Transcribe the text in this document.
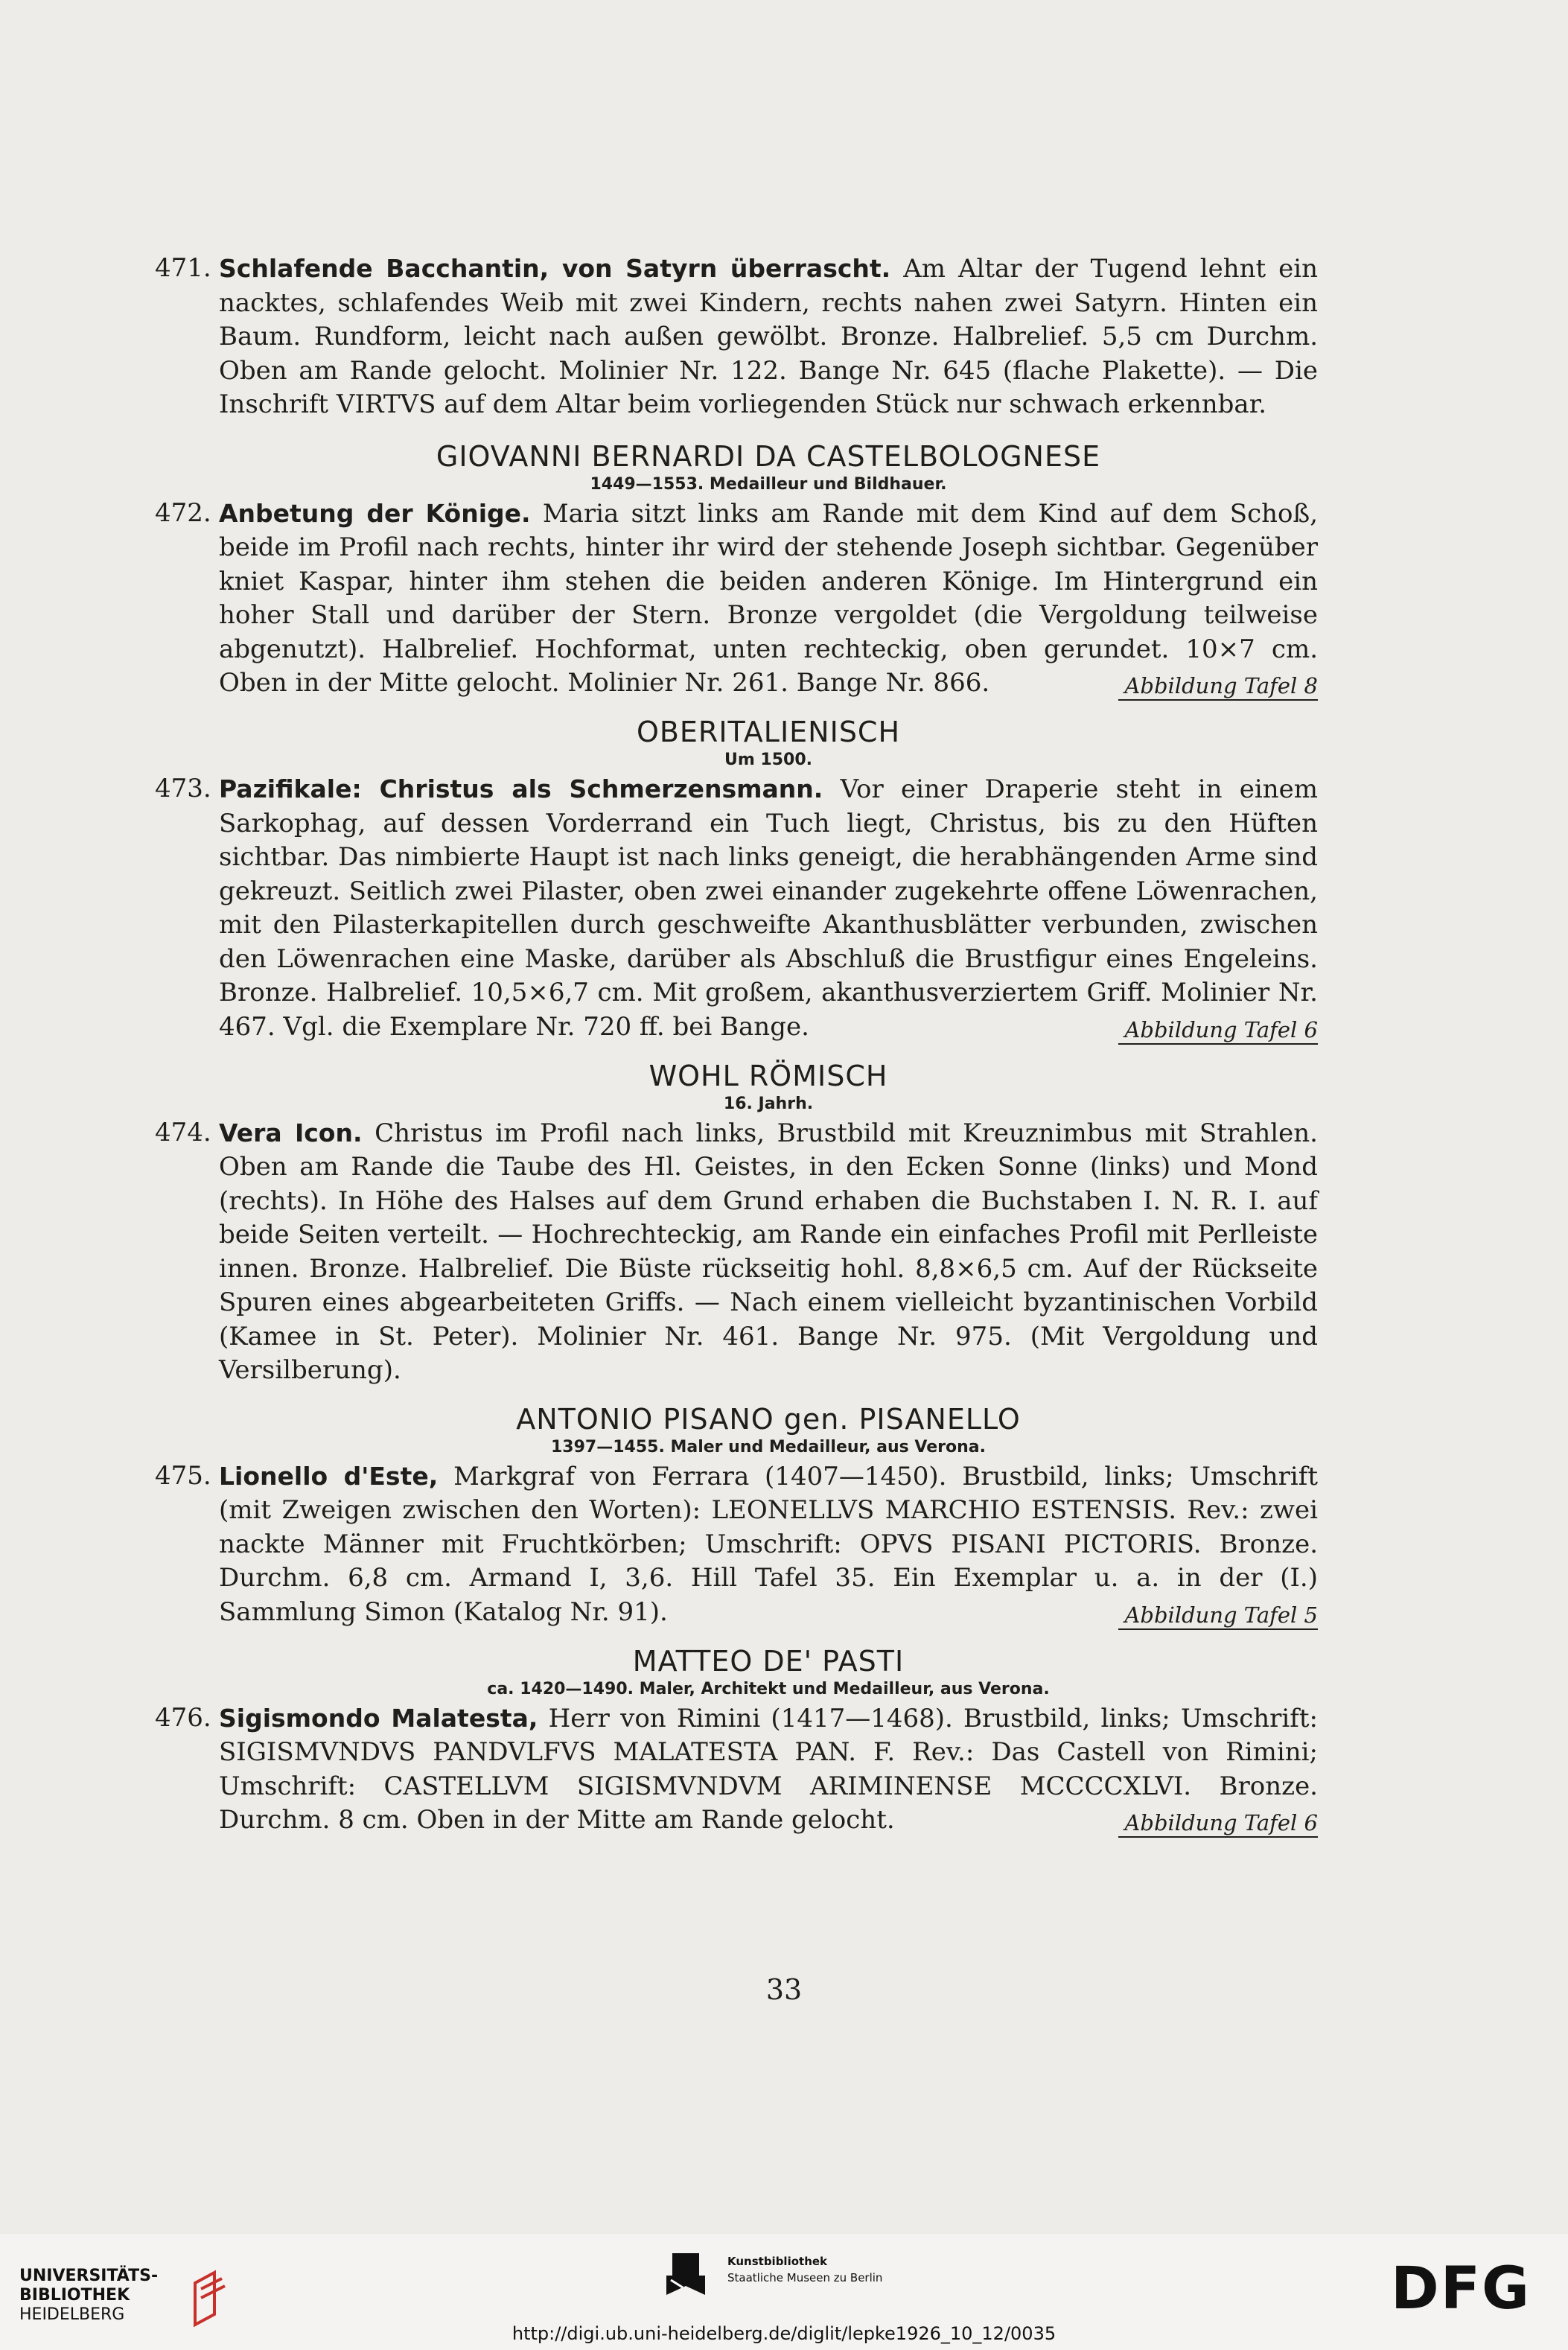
471. Schlafende Bacchantin, von Satyrn überrascht. Am Altar der Tugend lehnt ein nacktes, schlafendes Weib mit zwei Kindern, rechts nahen zwei Satyrn. Hinten ein Baum. Rundform, leicht nach außen gewölbt. Bronze. Halbrelief. 5,5 cm Durchm. Oben am Rande gelocht. Molinier Nr. 122. Bange Nr. 645 (flache Plakette). — Die Inschrift VIRTVS auf dem Altar beim vorliegenden Stück nur schwach erkennbar.
GIOVANNI BERNARDI DA CASTELBOLOGNESE
1449—1553. Medailleur und Bildhauer.
472. Anbetung der Könige. Maria sitzt links am Rande mit dem Kind auf dem Schoß, beide im Profil nach rechts, hinter ihr wird der stehende Joseph sichtbar. Gegenüber kniet Kaspar, hinter ihm stehen die beiden anderen Könige. Im Hintergrund ein hoher Stall und darüber der Stern. Bronze vergoldet (die Vergoldung teilweise abgenutzt). Halbrelief. Hochformat, unten rechteckig, oben gerundet. 10×7 cm. Oben in der Mitte gelocht. Molinier Nr. 261. Bange Nr. 866.	Abbildung Tafel 8
OBERITALIENISCH
Um 1500.
473. Pazifikale: Christus als Schmerzensmann. Vor einer Draperie steht in einem Sarkophag, auf dessen Vorderrand ein Tuch liegt, Christus, bis zu den Hüften sichtbar. Das nimbierte Haupt ist nach links geneigt, die herabhängenden Arme sind gekreuzt. Seitlich zwei Pilaster, oben zwei einander zugekehrte offene Löwenrachen, mit den Pilasterkapitellen durch geschweifte Akanthusblätter verbunden, zwischen den Löwenrachen eine Maske, darüber als Abschluß die Brustfigur eines Engeleins. Bronze. Halbrelief. 10,5×6,7 cm. Mit großem, akanthusverziertem Griff. Molinier Nr. 467. Vgl. die Exemplare Nr. 720 ff. bei Bange.	Abbildung Tafel 6
WOHL RÖMISCH
16. Jahrh.
474. Vera Icon. Christus im Profil nach links, Brustbild mit Kreuznimbus mit Strahlen. Oben am Rande die Taube des Hl. Geistes, in den Ecken Sonne (links) und Mond (rechts). In Höhe des Halses auf dem Grund erhaben die Buchstaben I. N. R. I. auf beide Seiten verteilt. — Hochrechteckig, am Rande ein einfaches Profil mit Perlleiste innen. Bronze. Halbrelief. Die Büste rückseitig hohl. 8,8×6,5 cm. Auf der Rückseite Spuren eines abgearbeiteten Griffs. — Nach einem vielleicht byzantinischen Vorbild (Kamee in St. Peter). Molinier Nr. 461. Bange Nr. 975. (Mit Vergoldung und Versilberung).
ANTONIO PISANO gen. PISANELLO
1397—1455. Maler und Medailleur, aus Verona.
475. Lionello d'Este, Markgraf von Ferrara (1407—1450). Brustbild, links; Umschrift (mit Zweigen zwischen den Worten): LEONELLVS MARCHIO ESTENSIS. Rev.: zwei nackte Männer mit Fruchtkörben; Umschrift: OPVS PISANI PICTORIS. Bronze. Durchm. 6,8 cm. Armand I, 3,6. Hill Tafel 35. Ein Exemplar u. a. in der (I.) Sammlung Simon (Katalog Nr. 91).	Abbildung Tafel 5
MATTEO DE' PASTI
ca. 1420—1490. Maler, Architekt und Medailleur, aus Verona.
476. Sigismondo Malatesta, Herr von Rimini (1417—1468). Brustbild, links; Umschrift: SIGISMVNDVS PANDVLFVS MALATESTA PAN. F. Rev.: Das Castell von Rimini; Umschrift: CASTELLVM SIGISMVNDVM ARIMINENSE MCCCCXLVI. Bronze. Durchm. 8 cm. Oben in der Mitte am Rande gelocht.	Abbildung Tafel 6
33
UNIVERSITÄTS-
BIBLIOTHEK
HEIDELBERG
Kunstbibliothek
Staatliche Museen zu Berlin	DFG
http://digi.ub.uni-heidelberg.de/diglit/lepke1926_10_12/0035
